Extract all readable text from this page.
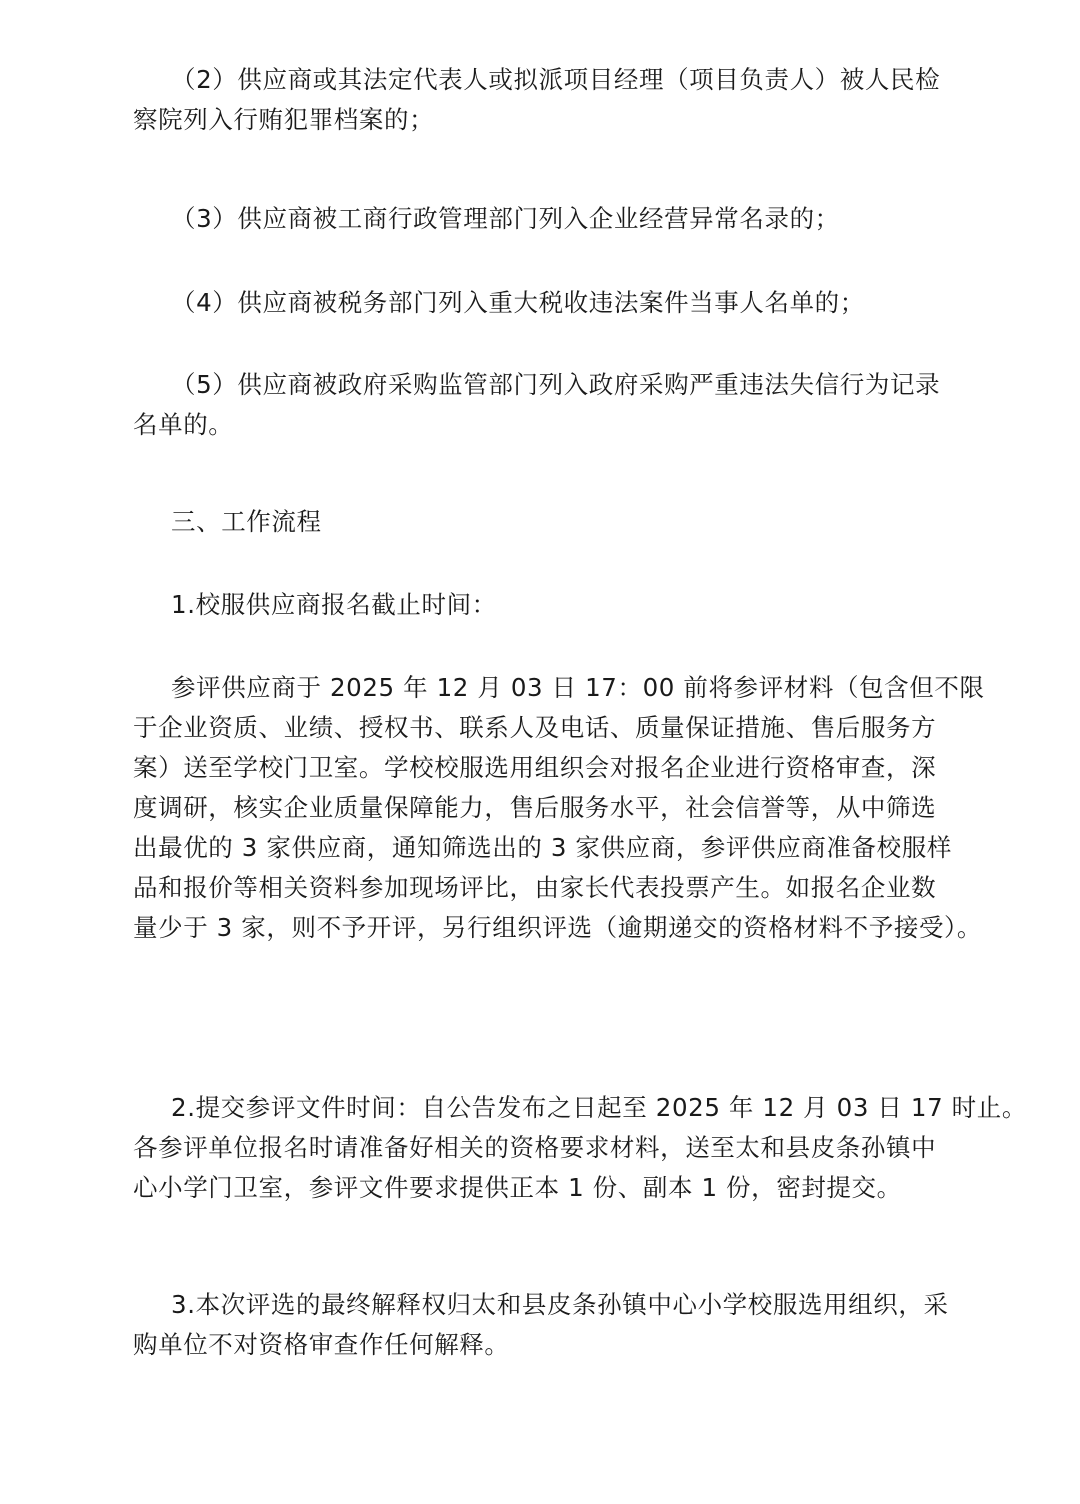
（2）供应商或其法定代表人或拟派项目经理（项目负责人）被人民检
察院列入行贿犯罪档案的；
（3）供应商被工商行政管理部门列入企业经营异常名录的；
（4）供应商被税务部门列入重大税收违法案件当事人名单的；
（5）供应商被政府采购监管部门列入政府采购严重违法失信行为记录
名单的。
三、工作流程
1.校服供应商报名截止时间：
参评供应商于 2025 年 12 月 03 日 17：00 前将参评材料（包含但不限
于企业资质、业绩、授权书、联系人及电话、质量保证措施、售后服务方
案）送至学校门卫室。学校校服选用组织会对报名企业进行资格审查，深
度调研，核实企业质量保障能力，售后服务水平，社会信誉等，从中筛选
出最优的 3 家供应商，通知筛选出的 3 家供应商，参评供应商准备校服样
品和报价等相关资料参加现场评比，由家长代表投票产生。如报名企业数
量少于 3 家，则不予开评，另行组织评选（逾期递交的资格材料不予接受）。
2.提交参评文件时间：自公告发布之日起至 2025 年 12 月 03 日 17 时止。
各参评单位报名时请准备好相关的资格要求材料，送至太和县皮条孙镇中
心小学门卫室，参评文件要求提供正本 1 份、副本 1 份，密封提交。
3.本次评选的最终解释权归太和县皮条孙镇中心小学校服选用组织，采
购单位不对资格审查作任何解释。
